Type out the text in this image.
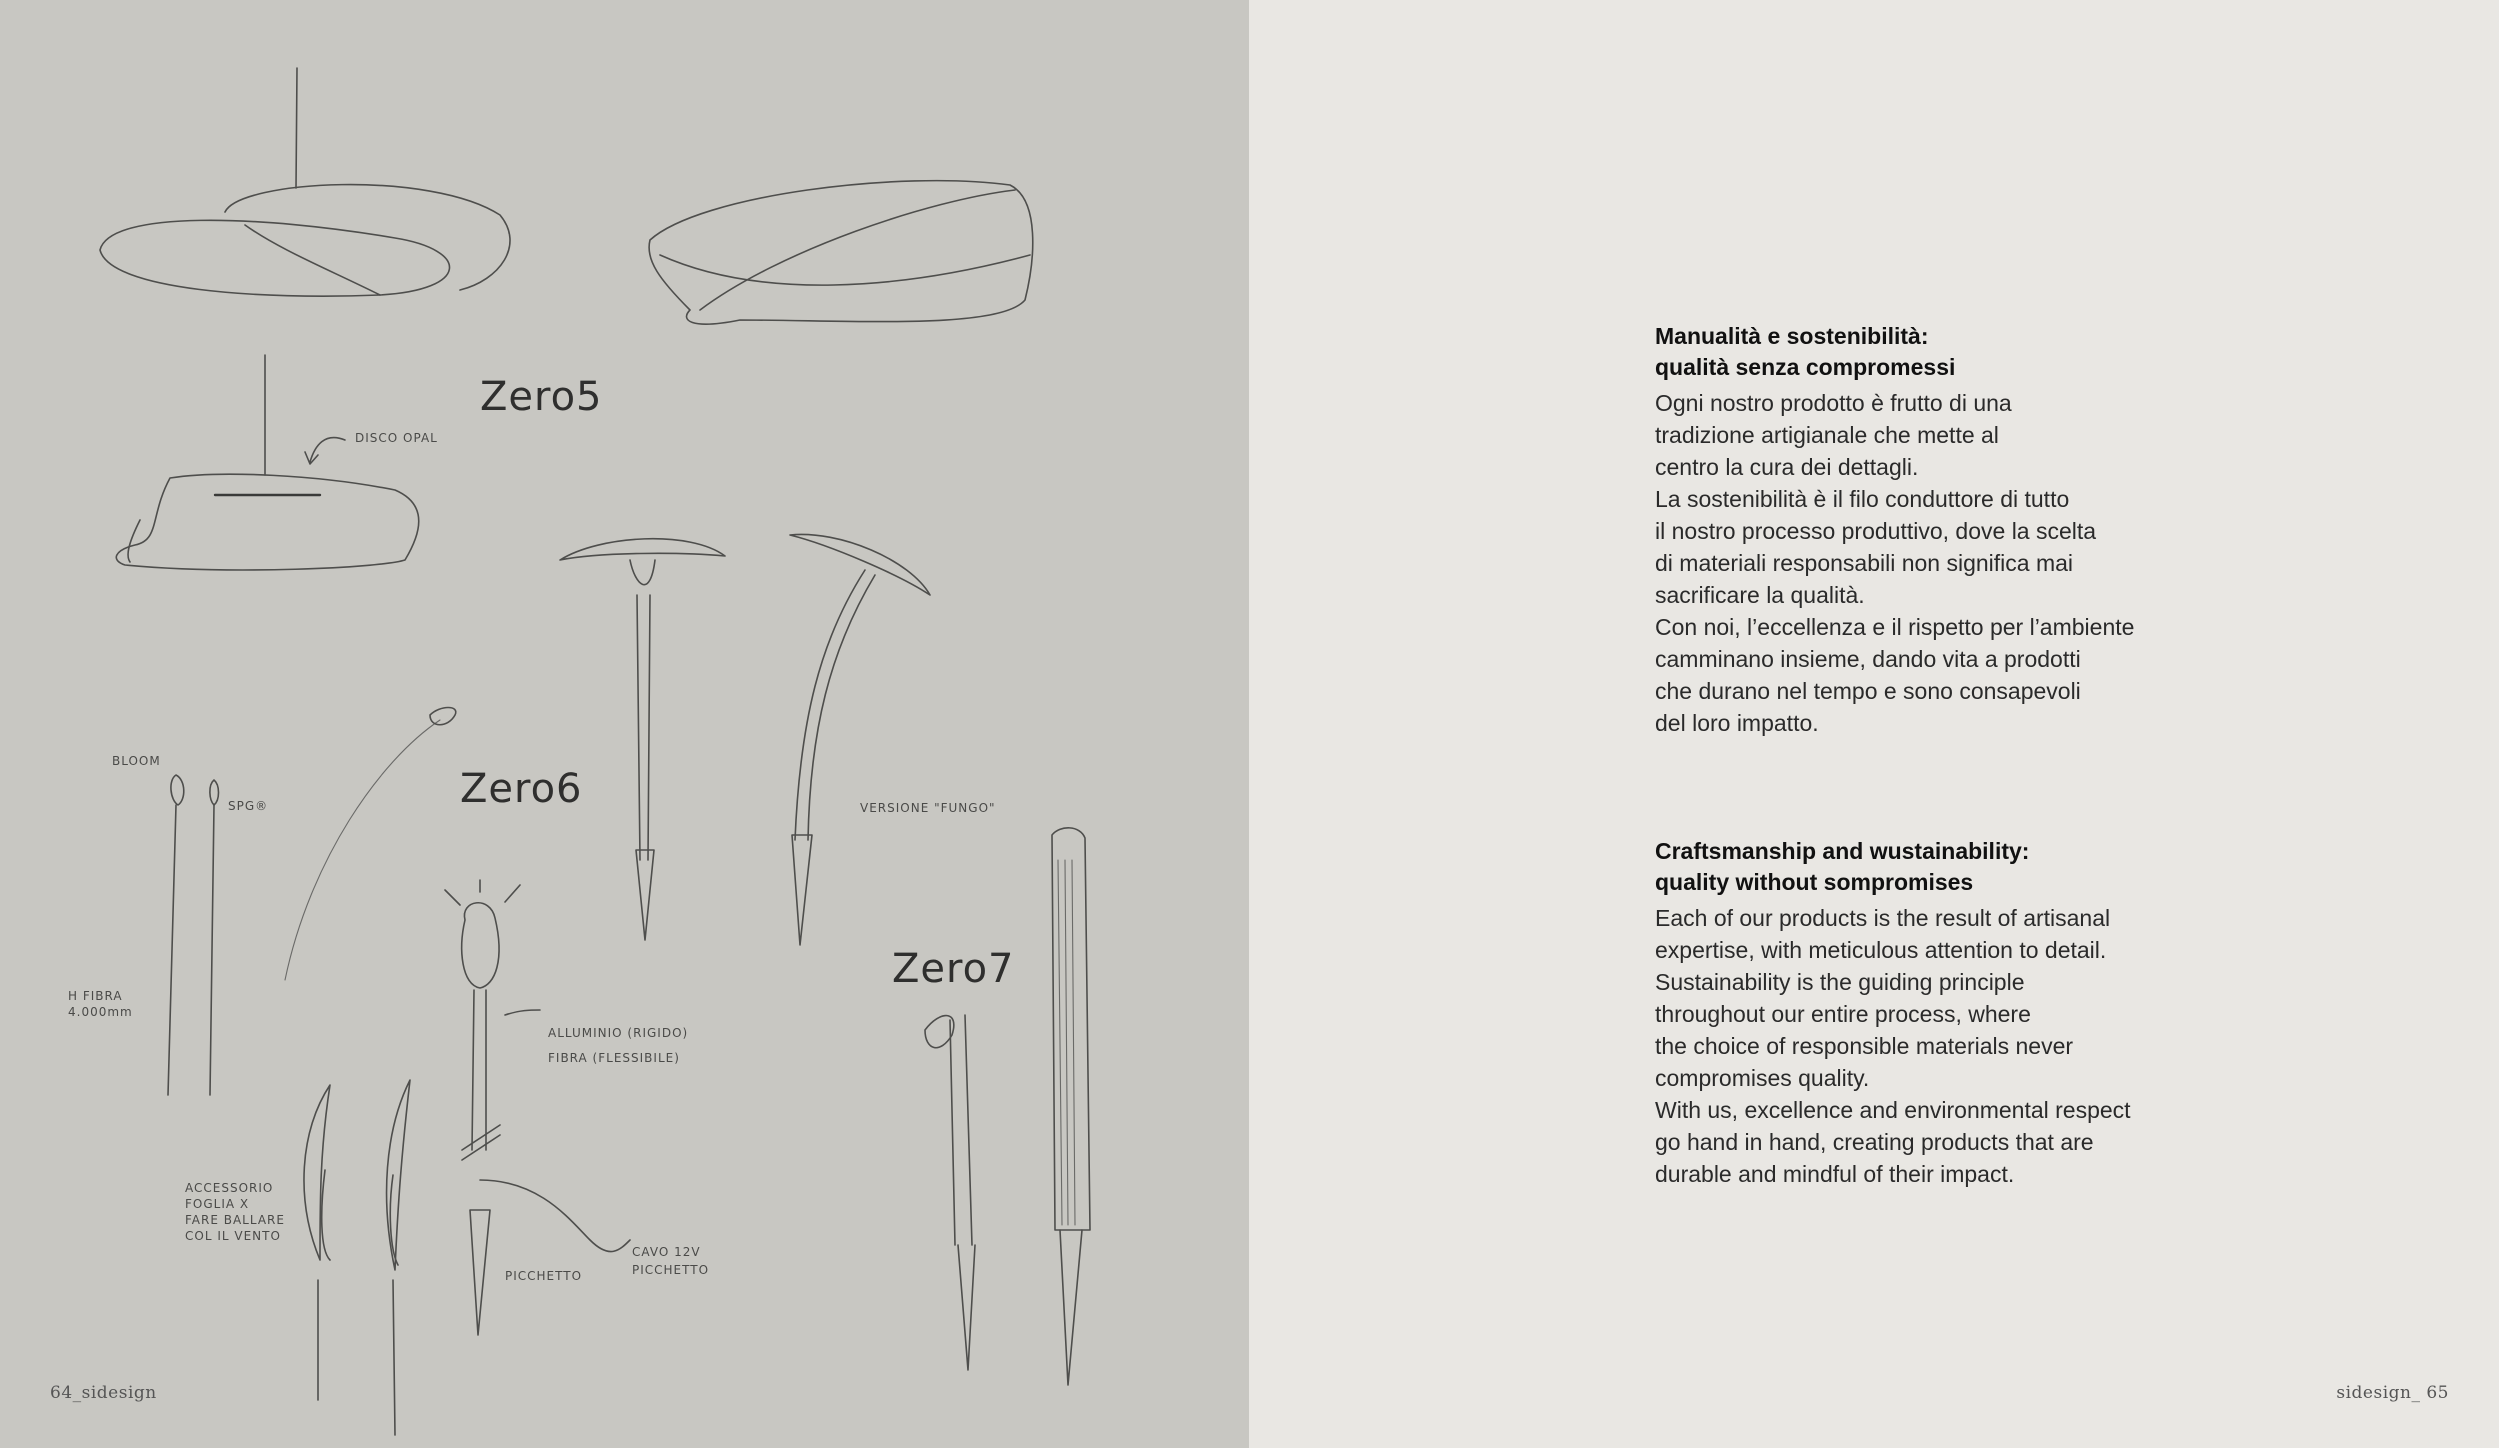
Zero5
Zero6
Zero7
DISCO OPAL
BLOOM
SPG®	VERSIONE "FUNGO"
H FIBRA
4.000mm
ALLUMINIO (RIGIDO)
FIBRA (FLESSIBILE)
ACCESSORIO
FOGLIA X
FARE BALLARE
COL IL VENTO
CAVO 12V
PICCHETTO
PICCHETTO
64_sidesign	sidesign_ 65

Manualità e sostenibilità:

qualità senza compromessi

Ogni nostro prodotto è frutto di una

tradizione artigianale che mette al

centro la cura dei dettagli.

La sostenibilità è il filo conduttore di tutto

il nostro processo produttivo, dove la scelta

di materiali responsabili non significa mai

sacrificare la qualità.

Con noi, l’eccellenza e il rispetto per l’ambiente

camminano insieme, dando vita a prodotti

che durano nel tempo e sono consapevoli

del loro impatto.

Craftsmanship and wustainability:

quality without sompromises

Each of our products is the result of artisanal

expertise, with meticulous attention to detail.

Sustainability is the guiding principle

throughout our entire process, where

the choice of responsible materials never

compromises quality.

With us, excellence and environmental respect

go hand in hand, creating products that are

durable and mindful of their impact.
